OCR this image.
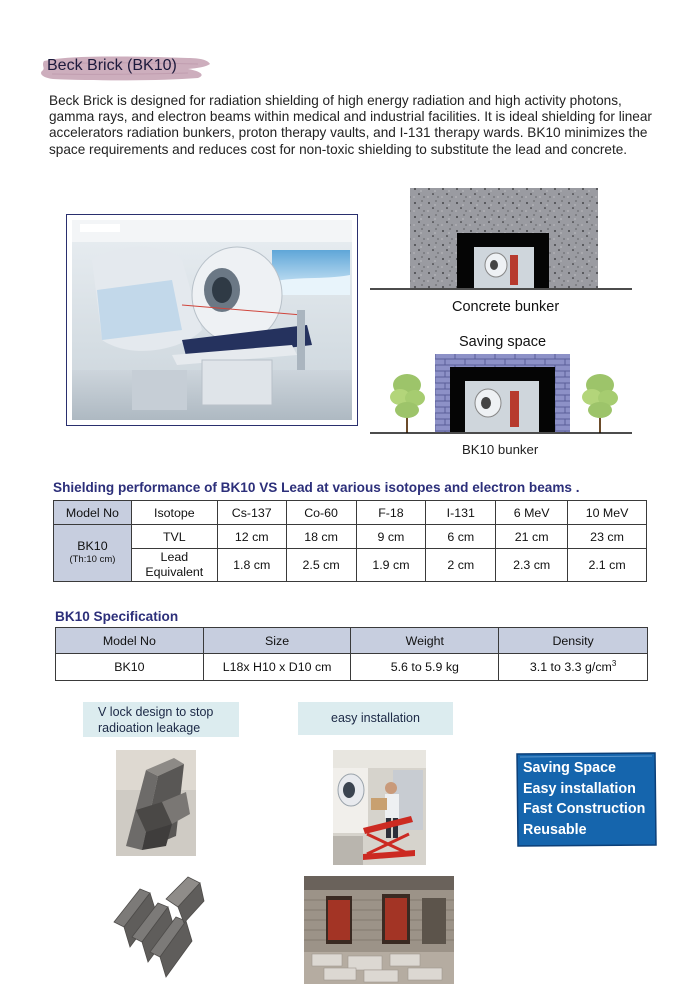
Beck Brick (BK10)
Beck Brick is designed for radiation shielding of high energy radiation and high activity photons, gamma rays, and electron beams within medical and industrial facilities. It is ideal shielding for linear accelerators radiation bunkers, proton therapy vaults, and I-131 therapy wards. BK10 minimizes the space requirements and reduces cost for non-toxic shielding to substitute the lead and concrete.
Concrete bunker
Saving space
BK10 bunker
Shielding performance of BK10 VS Lead at various isotopes and electron beams .
Model No	Isotope	Cs-137	Co-60	F-18	I-131	6 MeV	10 MeV
BK10
(Th:10 cm)	TVL	12 cm	18 cm	9 cm	6 cm	21 cm	23 cm
	Lead Equivalent	1.8 cm	2.5 cm	1.9 cm	2 cm	2.3 cm	2.1 cm
BK10 Specification
Model No	Size	Weight	Density
BK10	L18x H10 x D10 cm	5.6 to 5.9 kg	3.1 to 3.3 $g/cm^3$
V lock design to stop radioation leakage
easy installation
Saving Space
Easy installation
Fast Construction
Reusable
